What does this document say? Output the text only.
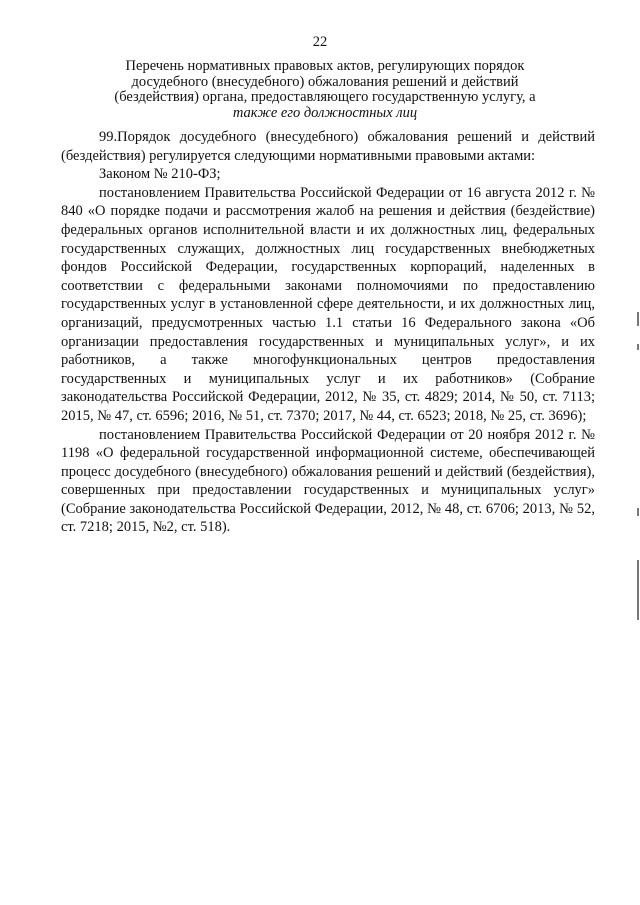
22
Перечень нормативных правовых актов, регулирующих порядок
досудебного (внесудебного) обжалования решений и действий
(бездействия) органа, предоставляющего государственную услугу, а
также его должностных лиц

99.Порядок досудебного (внесудебного) обжалования решений и действий (бездействия) регулируется следующими нормативными правовыми актами:

Законом № 210-ФЗ;

постановлением Правительства Российской Федерации от 16 августа 2012 г. № 840 «О порядке подачи и рассмотрения жалоб на решения и действия (бездействие) федеральных органов исполнительной власти и их должностных лиц, федеральных государственных служащих, должностных лиц государственных внебюджетных фондов Российской Федерации, государственных корпораций, наделенных в соответствии с федеральными законами полномочиями по предоставлению государственных услуг в установленной сфере деятельности, и их должностных лиц, организаций, предусмотренных частью 1.1 статьи 16 Федерального закона «Об организации предоставления государственных и муниципальных услуг», и их работников, а также многофункциональных центров предоставления государственных и муниципальных услуг и их работников» (Собрание законодательства Российской Федерации, 2012, № 35, ст. 4829; 2014, № 50, ст. 7113; 2015, № 47, ст. 6596; 2016, № 51, ст. 7370; 2017, № 44, ст. 6523; 2018, № 25, ст. 3696);

постановлением Правительства Российской Федерации от 20 ноября 2012 г. № 1198 «О федеральной государственной информационной системе, обеспечивающей процесс досудебного (внесудебного) обжалования решений и действий (бездействия), совершенных при предоставлении государственных и муниципальных услуг» (Собрание законодательства Российской Федерации, 2012, № 48, ст. 6706; 2013, № 52, ст. 7218; 2015, №2, ст. 518).
